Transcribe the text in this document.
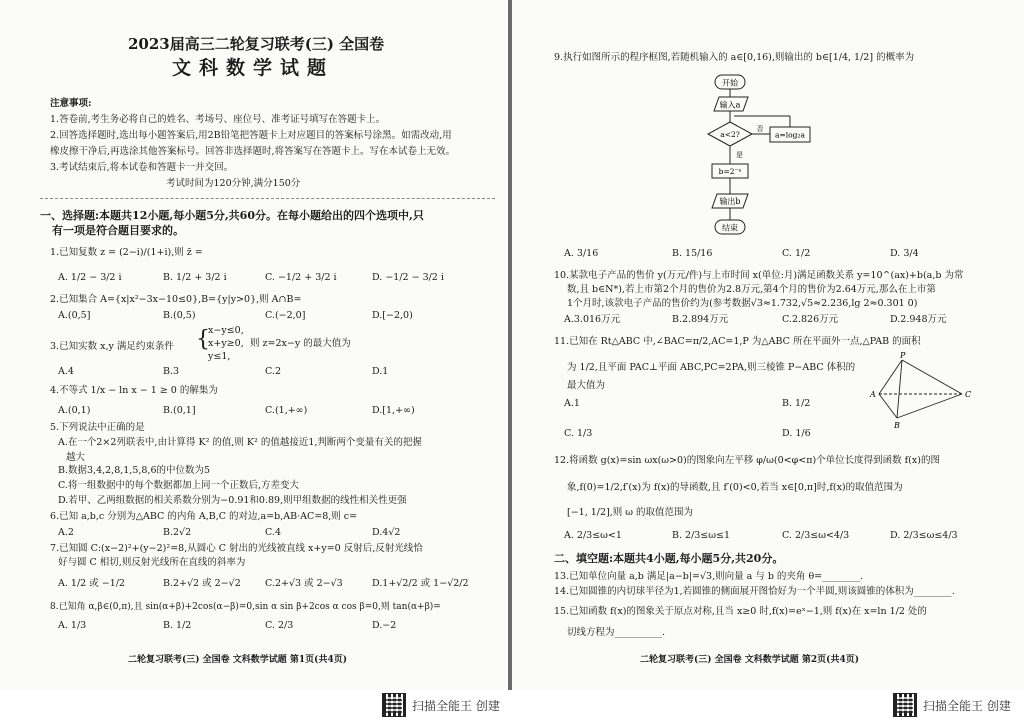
2023届高三二轮复习联考(三) 全国卷
文科数学试题
注意事项:
1.答卷前,考生务必将自己的姓名、考场号、座位号、准考证号填写在答题卡上。
2.回答选择题时,选出每小题答案后,用2B铅笔把答题卡上对应题目的答案标号涂黑。如需改动,用
橡皮擦干净后,再选涂其他答案标号。回答非选择题时,将答案写在答题卡上。写在本试卷上无效。
3.考试结束后,将本试卷和答题卡一并交回。
考试时间为120分钟,满分150分
一、选择题:本题共12小题,每小题5分,共60分。在每小题给出的四个选项中,只
有一项是符合题目要求的。
1.已知复数 z = (2−i)/(1+i),则 z̄ =
A. 1/2 − 3/2 i	B. 1/2 + 3/2 i	C. −1/2 + 3/2 i	D. −1/2 − 3/2 i
2.已知集合 A={x|x²−3x−10≤0},B={y|y>0},则 A∩B=
A.(0,5]	B.(0,5)	C.(−2,0]	D.[−2,0)
3.已知实数 x,y 满足约束条件 {
x−y≤0,
x+y≥0,
y≤1,
则 z=2x−y 的最大值为
A.4	B.3	C.2	D.1
4.不等式 1/x − ln x − 1 ≥ 0 的解集为
A.(0,1)	B.(0,1]	C.(1,+∞)	D.[1,+∞)
5.下列说法中正确的是
A.在一个2×2列联表中,由计算得 K² 的值,则 K² 的值越接近1,判断两个变量有关的把握
越大
B.数据3,4,2,8,1,5,8,6的中位数为5
C.将一组数据中的每个数据都加上同一个正数后,方差变大
D.若甲、乙两组数据的相关系数分别为−0.91和0.89,则甲组数据的线性相关性更强
6.已知 a,b,c 分别为△ABC 的内角 A,B,C 的对边,a=b,AB·AC=8,则 c=
A.2	B.2√2	C.4	D.4√2
7.已知圆 C:(x−2)²+(y−2)²=8,从圆心 C 射出的光线被直线 x+y=0 反射后,反射光线恰
好与圆 C 相切,则反射光线所在直线的斜率为
A. 1/2 或 −1/2	B.2+√2 或 2−√2	C.2+√3 或 2−√3	D.1+√2/2 或 1−√2/2
8.已知角 α,β∈(0,π),且 sin(α+β)+2cos(α−β)=0,sin α sin β+2cos α cos β=0,则 tan(α+β)=
A. 1/3	B. 1/2	C. 2/3	D.−2
二轮复习联考(三) 全国卷 文科数学试题 第1页(共4页)
9.执行如图所示的程序框图,若随机输入的 a∈[0,16),则输出的 b∈[1/4, 1/2] 的概率为
开始
输入a
a<2?
否
a=log₂a
是
b=2⁻ᵃ
输出b
结束
A. 3/16	B. 15/16	C. 1/2	D. 3/4
10.某款电子产品的售价 y(万元/件)与上市时间 x(单位:月)满足函数关系 y=10^(ax)+b(a,b 为常
数,且 b∈N*),若上市第2个月的售价为2.8万元,第4个月的售价为2.64万元,那么在上市第
1个月时,该款电子产品的售价约为(参考数据√3≈1.732,√5≈2.236,lg 2≈0.301 0)
A.3.016万元	B.2.894万元	C.2.826万元	D.2.948万元
11.已知在 Rt△ABC 中,∠BAC=π/2,AC=1,P 为△ABC 所在平面外一点,△PAB 的面积
为 1/2,且平面 PAC⊥平面 ABC,PC=2PA,则三棱锥 P−ABC 体积的
最大值为
P
A
B
C
A.1	B. 1/2
C. 1/3	D. 1/6
12.将函数 g(x)=sin ωx(ω>0)的图象向左平移 φ/ω(0<φ<π)个单位长度得到函数 f(x)的图
象,f(0)=1/2,f′(x)为 f(x)的导函数,且 f′(0)<0,若当 x∈[0,π]时,f(x)的取值范围为
[−1, 1/2],则 ω 的取值范围为
A. 2/3≤ω<1	B. 2/3≤ω≤1	C. 2/3≤ω<4/3	D. 2/3≤ω≤4/3
二、填空题:本题共4小题,每小题5分,共20分。
13.已知单位向量 a,b 满足|a−b|=√3,则向量 a 与 b 的夹角 θ=________.
14.已知圆锥的内切球半径为1,若圆锥的侧面展开图恰好为一个半圆,则该圆锥的体积为________.
15.已知函数 f(x)的图象关于原点对称,且当 x≥0 时,f(x)=eˣ−1,则 f(x)在 x=ln 1/2 处的
切线方程为__________.
二轮复习联考(三) 全国卷 文科数学试题 第2页(共4页)
扫描全能王 创建	扫描全能王 创建
